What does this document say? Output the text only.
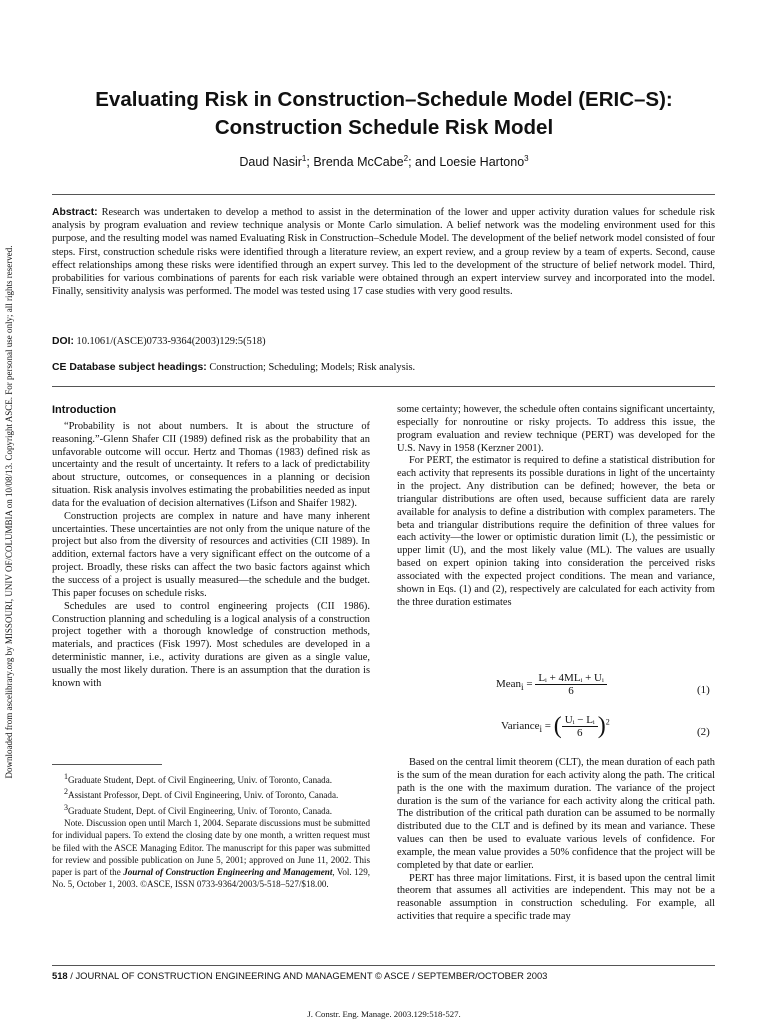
Downloaded from ascelibrary.org by MISSOURI, UNIV OF/COLUMBIA on 10/08/13. Copyright ASCE. For personal use only; all rights reserved.
Evaluating Risk in Construction–Schedule Model (ERIC–S):
Construction Schedule Risk Model
Daud Nasir$^1$; Brenda McCabe$^2$; and Loesie Hartono$^3$
Abstract: Research was undertaken to develop a method to assist in the determination of the lower and upper activity duration values for schedule risk analysis by program evaluation and review technique analysis or Monte Carlo simulation. A belief network was the modeling environment used for this purpose, and the resulting model was named Evaluating Risk in Construction–Schedule Model. The development of the belief network model consisted of four steps. First, construction schedule risks were identified through a literature review, an expert review, and a group review by a team of experts. Second, cause effect relationships among these risks were identified through an expert survey. This led to the development of the structure of belief network model. Third, probabilities for various combinations of parents for each risk variable were obtained through an expert interview survey and incorporated into the model. Finally, sensitivity analysis was performed. The model was tested using 17 case studies with very good results.
DOI: 10.1061/(ASCE)0733-9364(2003)129:5(518)
CE Database subject headings: Construction; Scheduling; Models; Risk analysis.
Introduction

“Probability is not about numbers. It is about the structure of reasoning.”-Glenn Shafer CII (1989) defined risk as the probability that an unfavorable outcome will occur. Hertz and Thomas (1983) defined risk as uncertainty and the result of uncertainty. It refers to a lack of predictability about structure, outcomes, or consequences in a planning or decision situation. Risk analysis involves estimating the probabilities needed as input data for the evaluation of decision alternatives (Lifson and Shaifer 1982).

Construction projects are complex in nature and have many inherent uncertainties. These uncertainties are not only from the unique nature of the project but also from the diversity of resources and activities (CII 1989). In addition, external factors have a very significant effect on the outcome of a project. Broadly, these risks can affect the two basic factors against which the success of a project is usually measured—the schedule and the budget. This paper focuses on schedule risks.

Schedules are used to control engineering projects (CII 1986). Construction planning and scheduling is a logical analysis of a construction project together with a thorough knowledge of construction methods, materials, and practices (Fisk 1997). Most schedules are developed in a deterministic manner, i.e., activity durations are given as a single value, usually the most likely duration. There is an assumption that the duration is known with

$^1$Graduate Student, Dept. of Civil Engineering, Univ. of Toronto, Canada.

$^2$Assistant Professor, Dept. of Civil Engineering, Univ. of Toronto, Canada.

$^3$Graduate Student, Dept. of Civil Engineering, Univ. of Toronto, Canada.

Note. Discussion open until March 1, 2004. Separate discussions must be submitted for individual papers. To extend the closing date by one month, a written request must be filed with the ASCE Managing Editor. The manuscript for this paper was submitted for review and possible publication on June 5, 2001; approved on June 11, 2002. This paper is part of the Journal of Construction Engineering and Management, Vol. 129, No. 5, October 1, 2003. ©ASCE, ISSN 0733-9364/2003/5-518–527/$18.00.

some certainty; however, the schedule often contains significant uncertainty, especially for nonroutine or risky projects. To address this issue, the program evaluation and review technique (PERT) was developed for the U.S. Navy in 1958 (Kerzner 2001).

For PERT, the estimator is required to define a statistical distribution for each activity that represents its possible durations in light of the uncertainty in the project. Any distribution can be defined; however, the beta or triangular distributions are often used, because sufficient data are rarely available for analysis to define a distribution with complex parameters. The beta and triangular distributions require the definition of three values for each activity—the lower or optimistic duration limit (L), the pessimistic or upper limit (U), and the most likely value (ML). The values are usually based on expert opinion taking into consideration the perceived risks associated with the expected project conditions. The mean and variance, shown in Eqs. (1) and (2), respectively are calculated for each activity from the three duration estimates

Mean$_i$ = $\frac{\text{Lᵢ + 4MLᵢ + Uᵢ}}{6}$	(1)
Variance$_i$ = ( $\frac{\text{Uᵢ − Lᵢ}}{6} )^2$
(2)

Based on the central limit theorem (CLT), the mean duration of each path is the sum of the mean duration for each activity along the path. The critical path is the one with the maximum duration. The variance of the project duration is the sum of the variance for each activity along the critical path. The distribution of the critical path duration can be assumed to be normally distributed due to the CLT and is defined by its mean and variance. These values can then be used to evaluate various levels of confidence. For example, the mean value provides a 50% confidence that the project will be completed by that date or earlier.

PERT has three major limitations. First, it is based upon the central limit theorem that assumes all activities are independent. This may not be a reasonable assumption in construction scheduling. For example, all activities that require a specific trade may

518 / JOURNAL OF CONSTRUCTION ENGINEERING AND MANAGEMENT © ASCE / SEPTEMBER/OCTOBER 2003
J. Constr. Eng. Manage. 2003.129:518-527.
